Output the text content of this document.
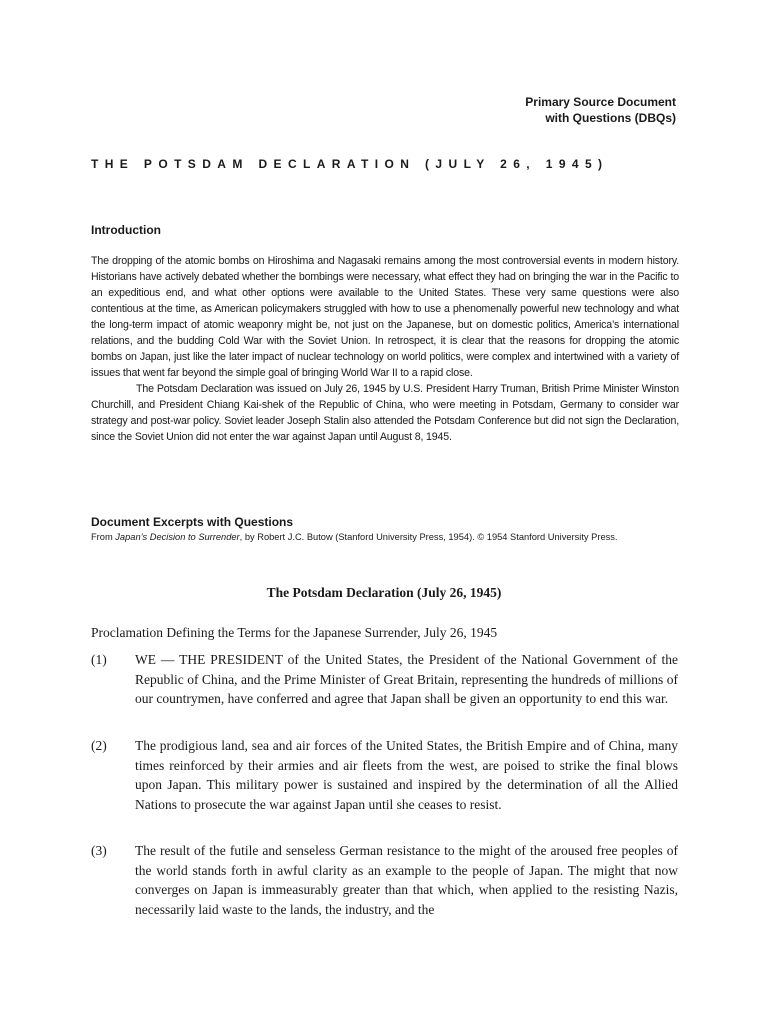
Primary Source Document
with Questions (DBQs)
THE POTSDAM DECLARATION (JULY 26, 1945)
Introduction

The dropping of the atomic bombs on Hiroshima and Nagasaki remains among the most controversial events in modern history. Historians have actively debated whether the bombings were necessary, what effect they had on bringing the war in the Pacific to an expeditious end, and what other options were available to the United States. These very same questions were also contentious at the time, as American policymakers struggled with how to use a phenomenally powerful new technology and what the long-term impact of atomic weaponry might be, not just on the Japanese, but on domestic politics, America’s international relations, and the budding Cold War with the Soviet Union. In retrospect, it is clear that the reasons for dropping the atomic bombs on Japan, just like the later impact of nuclear technology on world politics, were complex and intertwined with a variety of issues that went far beyond the simple goal of bringing World War II to a rapid close.

The Potsdam Declaration was issued on July 26, 1945 by U.S. President Harry Truman, British Prime Minister Winston Churchill, and President Chiang Kai-shek of the Republic of China, who were meeting in Potsdam, Germany to consider war strategy and post-war policy. Soviet leader Joseph Stalin also attended the Potsdam Conference but did not sign the Declaration, since the Soviet Union did not enter the war against Japan until August 8, 1945.

Document Excerpts with Questions
From Japan’s Decision to Surrender, by Robert J.C. Butow (Stanford University Press, 1954). © 1954 Stanford University Press.
The Potsdam Declaration (July 26, 1945)
Proclamation Defining the Terms for the Japanese Surrender, July 26, 1945
(1) WE — THE PRESIDENT of the United States, the President of the National Government of the Republic of China, and the Prime Minister of Great Britain, representing the hundreds of millions of our countrymen, have conferred and agree that Japan shall be given an opportunity to end this war.
(2) The prodigious land, sea and air forces of the United States, the British Empire and of China, many times reinforced by their armies and air fleets from the west, are poised to strike the final blows upon Japan. This military power is sustained and inspired by the determination of all the Allied Nations to prosecute the war against Japan until she ceases to resist.
(3) The result of the futile and senseless German resistance to the might of the aroused free peoples of the world stands forth in awful clarity as an example to the people of Japan. The might that now converges on Japan is immeasurably greater than that which, when applied to the resisting Nazis, necessarily laid waste to the lands, the industry, and the
